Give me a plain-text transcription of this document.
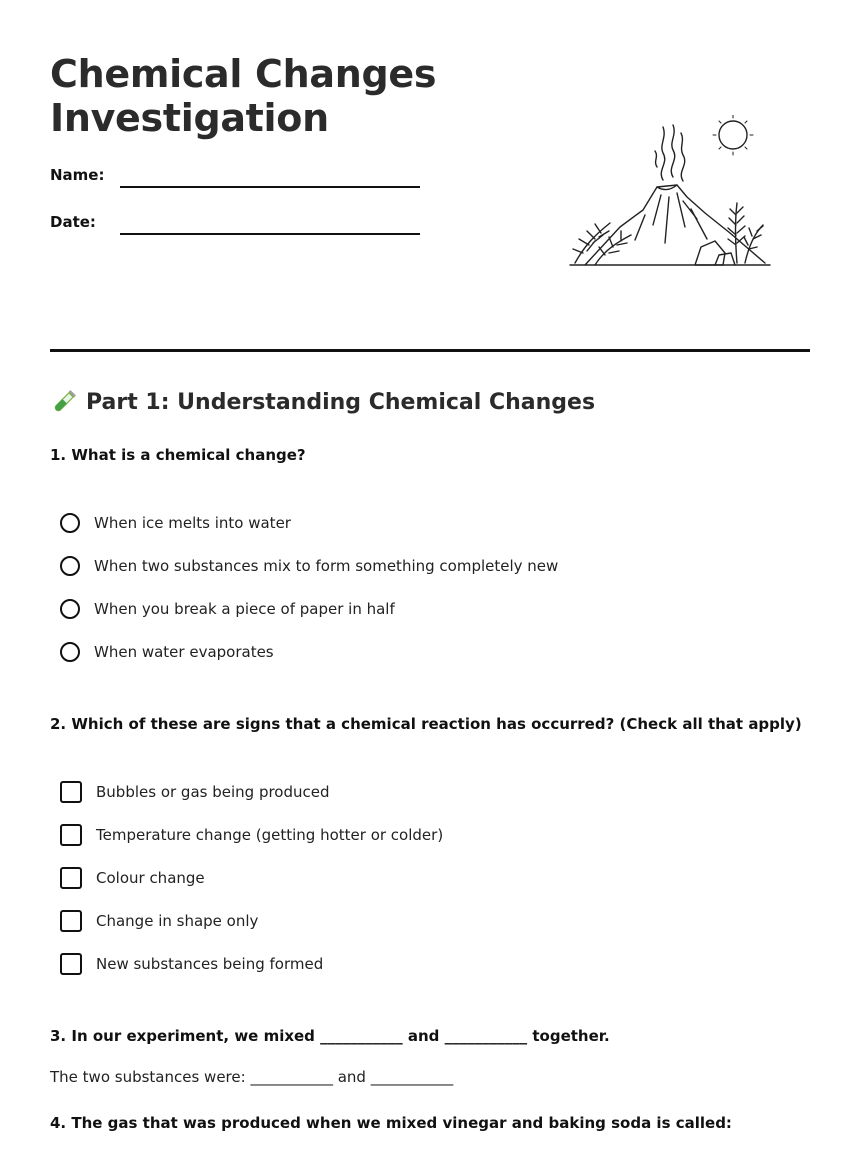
Chemical Changes
Investigation
Name:
Date:
Part 1: Understanding Chemical Changes

1. What is a chemical change?

When ice melts into water
When two substances mix to form something completely new
When you break a piece of paper in half
When water evaporates

2. Which of these are signs that a chemical reaction has occurred? (Check all that apply)

Bubbles or gas being produced
Temperature change (getting hotter or colder)
Colour change
Change in shape only
New substances being formed

3. In our experiment, we mixed ___________ and ___________ together.

The two substances were: ___________ and ___________

4. The gas that was produced when we mixed vinegar and baking soda is called:
